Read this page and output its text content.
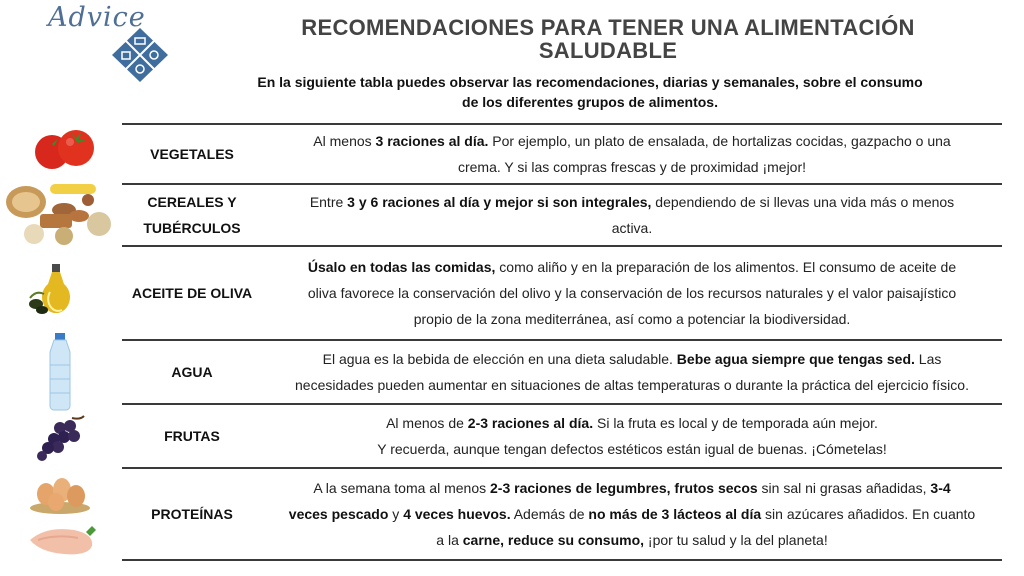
Advice	RECOMENDACIONES PARA TENER UNA ALIMENTACIÓN
SALUDABLE
En la siguiente tabla puedes observar las recomendaciones, diarias y semanales, sobre el consumo
de los diferentes grupos de alimentos.
VEGETALES
Al menos 3 raciones al día. Por ejemplo, un plato de ensalada, de hortalizas cocidas, gazpacho o una
crema. Y si las compras frescas y de proximidad ¡mejor!
CEREALES Y
TUBÉRCULOS
Entre 3 y 6 raciones al día y mejor si son integrales, dependiendo de si llevas una vida más o menos
activa.
ACEITE DE OLIVA
Úsalo en todas las comidas, como aliño y en la preparación de los alimentos. El consumo de aceite de
oliva favorece la conservación del olivo y la conservación de los recursos naturales y el valor paisajístico
propio de la zona mediterránea, así como a potenciar la biodiversidad.
AGUA
El agua es la bebida de elección en una dieta saludable. Bebe agua siempre que tengas sed. Las
necesidades pueden aumentar en situaciones de altas temperaturas o durante la práctica del ejercicio físico.
FRUTAS
Al menos de 2-3 raciones al día. Si la fruta es local y de temporada aún mejor.
Y recuerda, aunque tengan defectos estéticos están igual de buenas. ¡Cómetelas!
PROTEÍNAS
A la semana toma al menos 2-3 raciones de legumbres, frutos secos sin sal ni grasas añadidas, 3-4
veces pescado y 4 veces huevos. Además de no más de 3 lácteos al día sin azúcares añadidos. En cuanto
a la carne, reduce su consumo, ¡por tu salud y la del planeta!
